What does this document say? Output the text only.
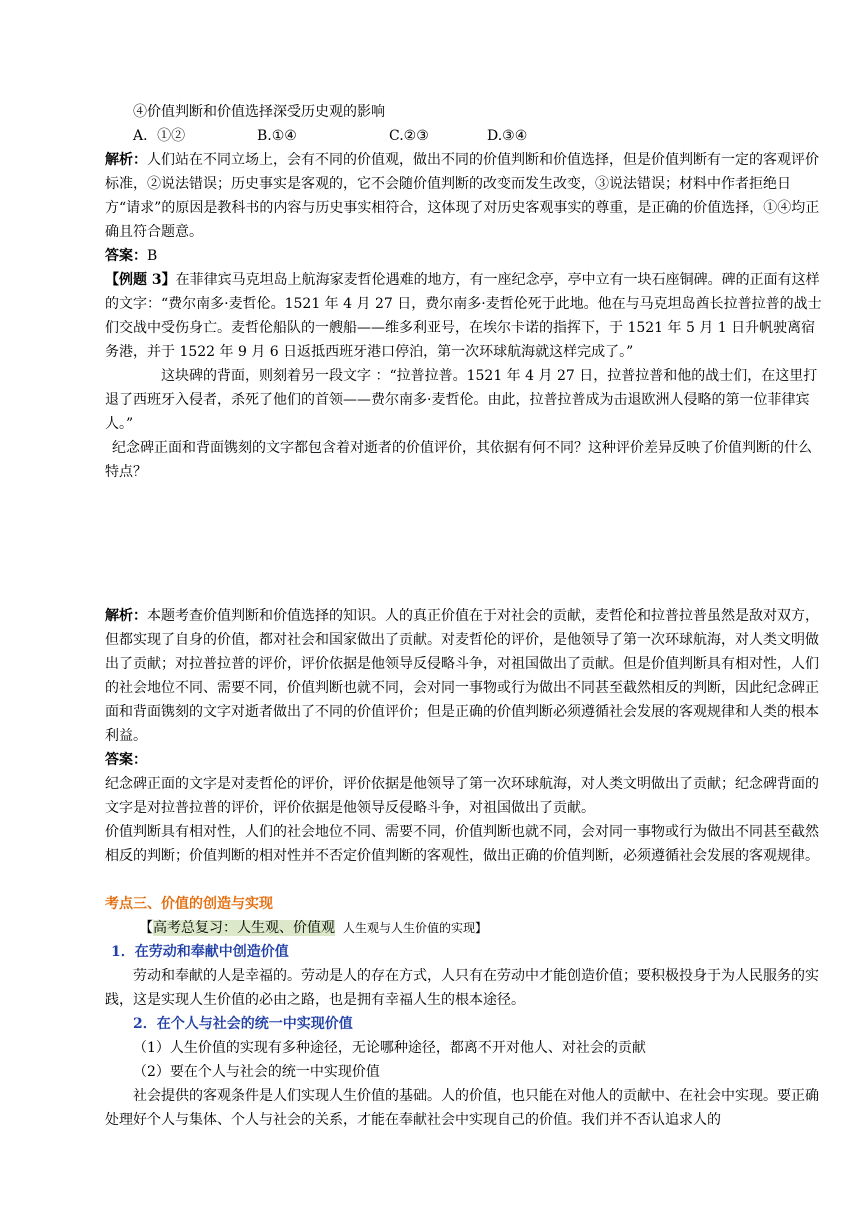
④价值判断和价值选择深受历史观的影响

A．①②	B.①④	C.②③	D.③④

解析：人们站在不同立场上，会有不同的价值观，做出不同的价值判断和价值选择，但是价值判断有一定的客观评价标准，②说法错误；历史事实是客观的，它不会随价值判断的改变而发生改变，③说法错误；材料中作者拒绝日方“请求”的原因是教科书的内容与历史事实相符合，这体现了对历史客观事实的尊重，是正确的价值选择，①④均正确且符合题意。

答案：B

【例题 3】在菲律宾马克坦岛上航海家麦哲伦遇难的地方，有一座纪念亭，亭中立有一块石座铜碑。碑的正面有这样的文字：“费尔南多·麦哲伦。1521 年 4 月 27 日，费尔南多·麦哲伦死于此地。他在与马克坦岛酋长拉普拉普的战士们交战中受伤身亡。麦哲伦船队的一艘船——维多利亚号，在埃尔卡诺的指挥下，于 1521 年 5 月 1 日升帆驶离宿务港，并于 1522 年 9 月 6 日返抵西班牙港口停泊，第一次环球航海就这样完成了。”

这块碑的背面，则刻着另一段文字 ：“拉普拉普。1521 年 4 月 27 日，拉普拉普和他的战士们，在这里打退了西班牙入侵者，杀死了他们的首领——费尔南多·麦哲伦。由此，拉普拉普成为击退欧洲人侵略的第一位菲律宾人。”

纪念碑正面和背面镌刻的文字都包含着对逝者的价值评价，其依据有何不同？这种评价差异反映了价值判断的什么特点？

解析：本题考查价值判断和价值选择的知识。人的真正价值在于对社会的贡献，麦哲伦和拉普拉普虽然是敌对双方，但都实现了自身的价值，都对社会和国家做出了贡献。对麦哲伦的评价，是他领导了第一次环球航海，对人类文明做出了贡献；对拉普拉普的评价，评价依据是他领导反侵略斗争，对祖国做出了贡献。但是价值判断具有相对性，人们的社会地位不同、需要不同，价值判断也就不同，会对同一事物或行为做出不同甚至截然相反的判断，因此纪念碑正面和背面镌刻的文字对逝者做出了不同的价值评价；但是正确的价值判断必须遵循社会发展的客观规律和人类的根本利益。

答案：

纪念碑正面的文字是对麦哲伦的评价，评价依据是他领导了第一次环球航海，对人类文明做出了贡献；纪念碑背面的文字是对拉普拉普的评价，评价依据是他领导反侵略斗争，对祖国做出了贡献。

价值判断具有相对性，人们的社会地位不同、需要不同，价值判断也就不同，会对同一事物或行为做出不同甚至截然相反的判断；价值判断的相对性并不否定价值判断的客观性，做出正确的价值判断，必须遵循社会发展的客观规律。

考点三、价值的创造与实现

【高考总复习：人生观、价值观 人生观与人生价值的实现】

1．在劳动和奉献中创造价值

劳动和奉献的人是幸福的。劳动是人的存在方式，人只有在劳动中才能创造价值；要积极投身于为人民服务的实践，这是实现人生价值的必由之路，也是拥有幸福人生的根本途径。

2．在个人与社会的统一中实现价值

（1）人生价值的实现有多种途径，无论哪种途径，都离不开对他人、对社会的贡献

（2）要在个人与社会的统一中实现价值

社会提供的客观条件是人们实现人生价值的基础。人的价值，也只能在对他人的贡献中、在社会中实现。要正确处理好个人与集体、个人与社会的关系，才能在奉献社会中实现自己的价值。我们并不否认追求人的
